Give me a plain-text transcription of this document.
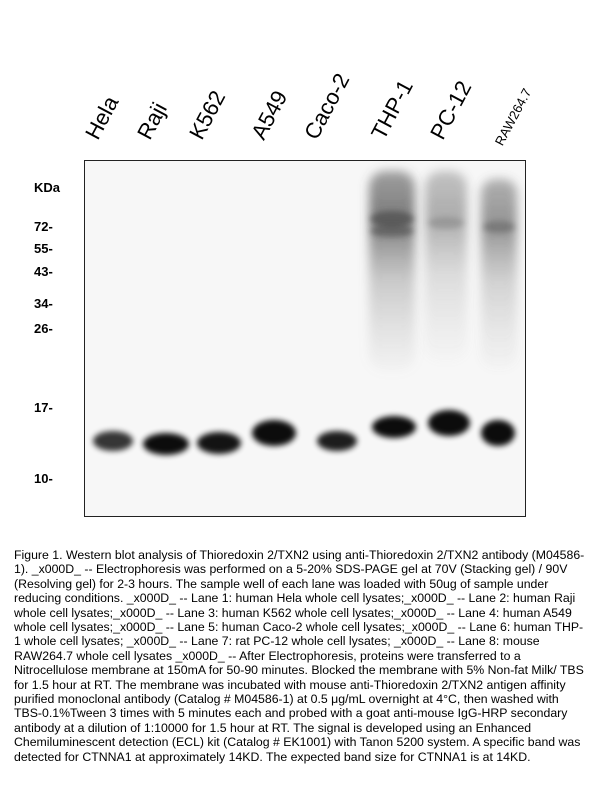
Hela Raji K562 A549 Caco-2 THP-1 PC-12 RAW264.7
KDa
72-
55-
43-
34-
26-
17-
10-

Figure 1. Western blot analysis of Thioredoxin 2/TXN2 using anti-Thioredoxin 2/TXN2 antibody (M04586-1). _x000D_ -- Electrophoresis was performed on a 5-20% SDS-PAGE gel at 70V (Stacking gel) / 90V (Resolving gel) for 2-3 hours. The sample well of each lane was loaded with 50ug of sample under reducing conditions. _x000D_ -- Lane 1: human Hela whole cell lysates;_x000D_ -- Lane 2: human Raji whole cell lysates;_x000D_ -- Lane 3: human K562 whole cell lysates;_x000D_ -- Lane 4: human A549 whole cell lysates;_x000D_ -- Lane 5: human Caco-2 whole cell lysates;_x000D_ -- Lane 6: human THP-1 whole cell lysates; _x000D_ -- Lane 7: rat PC-12 whole cell lysates; _x000D_ -- Lane 8: mouse RAW264.7 whole cell lysates _x000D_ -- After Electrophoresis, proteins were transferred to a Nitrocellulose membrane at 150mA for 50-90 minutes. Blocked the membrane with 5% Non-fat Milk/ TBS for 1.5 hour at RT. The membrane was incubated with mouse anti-Thioredoxin 2/TXN2 antigen affinity purified monoclonal antibody (Catalog # M04586-1) at 0.5 μg/mL overnight at 4°C, then washed with TBS-0.1%Tween 3 times with 5 minutes each and probed with a goat anti-mouse IgG-HRP secondary antibody at a dilution of 1:10000 for 1.5 hour at RT. The signal is developed using an Enhanced Chemiluminescent detection (ECL) kit (Catalog # EK1001) with Tanon 5200 system. A specific band was detected for CTNNA1 at approximately 14KD. The expected band size for CTNNA1 is at 14KD.
